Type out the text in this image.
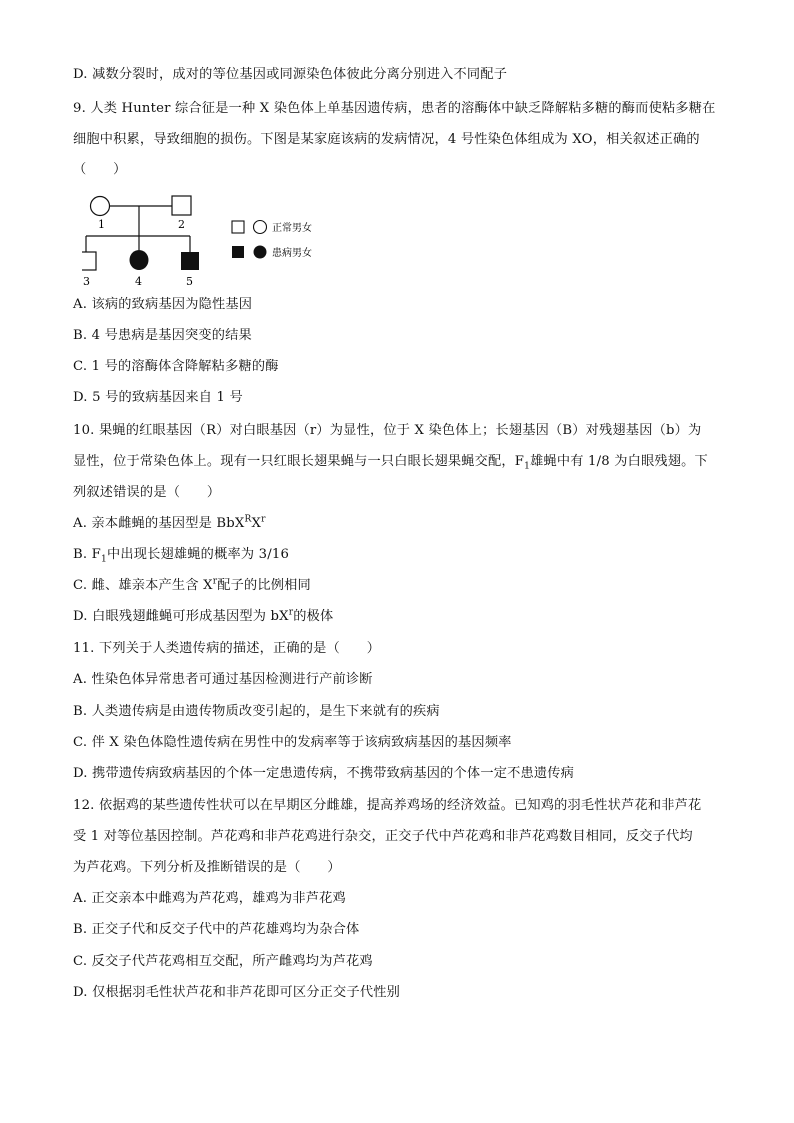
D. 减数分裂时，成对的等位基因或同源染色体彼此分离分别进入不同配子
9. 人类 Hunter 综合征是一种 X 染色体上单基因遗传病，患者的溶酶体中缺乏降解粘多糖的酶而使粘多糖在
细胞中积累，导致细胞的损伤。下图是某家庭该病的发病情况，4 号性染色体组成为 XO，相关叙述正确的
（　　）
1	2
3	4	5
正常男女
患病男女
A. 该病的致病基因为隐性基因
B. 4 号患病是基因突变的结果
C. 1 号的溶酶体含降解粘多糖的酶
D. 5 号的致病基因来自 1 号
10. 果蝇的红眼基因（R）对白眼基因（r）为显性，位于 X 染色体上；长翅基因（B）对残翅基因（b）为
显性，位于常染色体上。现有一只红眼长翅果蝇与一只白眼长翅果蝇交配，$F_1$雄蝇中有 1/8 为白眼残翅。下
列叙述错误的是（　　）
A. 亲本雌蝇的基因型是 $BbX^RX^r$
B. $F_1$中出现长翅雄蝇的概率为 3/16
C. 雌、雄亲本产生含 $X^r$配子的比例相同
D. 白眼残翅雌蝇可形成基因型为 $bX^r$的极体
11. 下列关于人类遗传病的描述，正确的是（　　）
A. 性染色体异常患者可通过基因检测进行产前诊断
B. 人类遗传病是由遗传物质改变引起的，是生下来就有的疾病
C. 伴 X 染色体隐性遗传病在男性中的发病率等于该病致病基因的基因频率
D. 携带遗传病致病基因的个体一定患遗传病，不携带致病基因的个体一定不患遗传病
12. 依据鸡的某些遗传性状可以在早期区分雌雄，提高养鸡场的经济效益。已知鸡的羽毛性状芦花和非芦花
受 1 对等位基因控制。芦花鸡和非芦花鸡进行杂交，正交子代中芦花鸡和非芦花鸡数目相同，反交子代均
为芦花鸡。下列分析及推断错误的是（　　）
A. 正交亲本中雌鸡为芦花鸡，雄鸡为非芦花鸡
B. 正交子代和反交子代中的芦花雄鸡均为杂合体
C. 反交子代芦花鸡相互交配，所产雌鸡均为芦花鸡
D. 仅根据羽毛性状芦花和非芦花即可区分正交子代性别
